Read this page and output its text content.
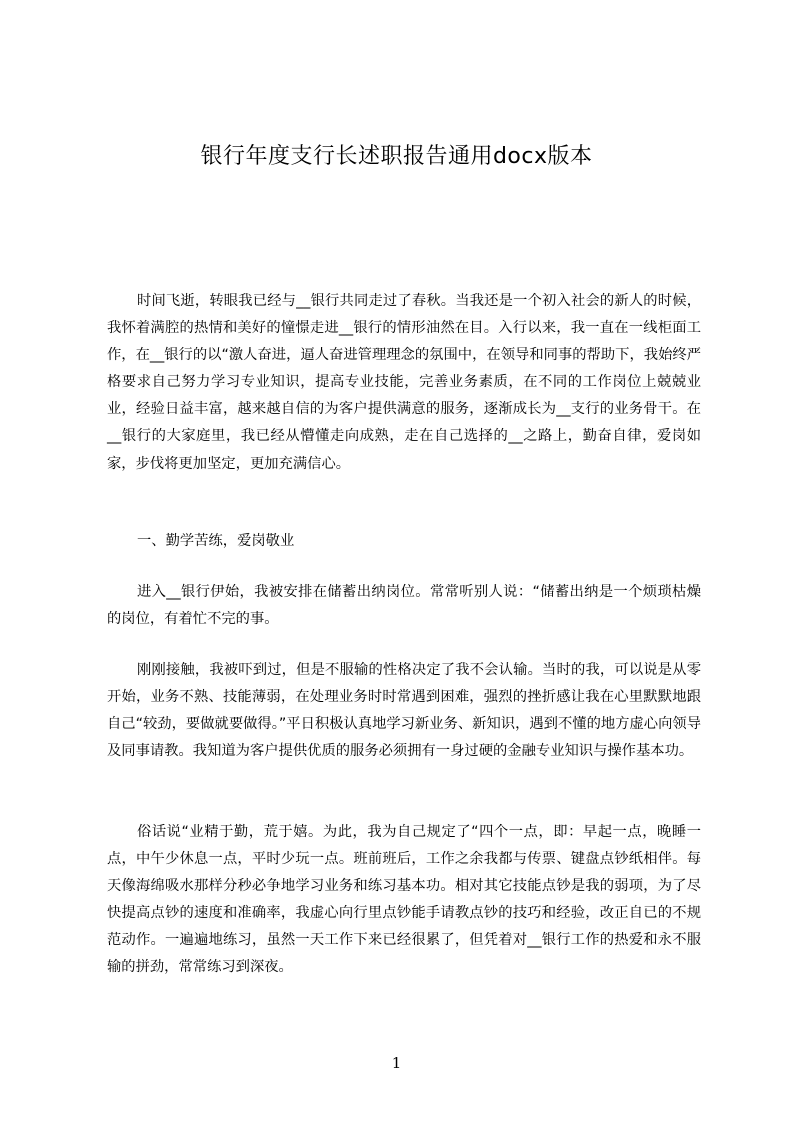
银行年度支行长述职报告通用docx版本

时间飞逝，转眼我已经与__银行共同走过了春秋。当我还是一个初入社会的新人的时候，我怀着满腔的热情和美好的憧憬走进__银行的情形油然在目。入行以来，我一直在一线柜面工作，在__银行的以“激人奋进，逼人奋进管理理念的氛围中，在领导和同事的帮助下，我始终严格要求自己努力学习专业知识，提高专业技能，完善业务素质，在不同的工作岗位上兢兢业业，经验日益丰富，越来越自信的为客户提供满意的服务，逐渐成长为__支行的业务骨干。在__银行的大家庭里，我已经从懵懂走向成熟，走在自己选择的__之路上，勤奋自律，爱岗如家，步伐将更加坚定，更加充满信心。

一、勤学苦练，爱岗敬业

进入__银行伊始，我被安排在储蓄出纳岗位。常常听别人说：“储蓄出纳是一个烦琐枯燥的岗位，有着忙不完的事。

刚刚接触，我被吓到过，但是不服输的性格决定了我不会认输。当时的我，可以说是从零开始，业务不熟、技能薄弱，在处理业务时时常遇到困难，强烈的挫折感让我在心里默默地跟自己“较劲，要做就要做得。”平日积极认真地学习新业务、新知识，遇到不懂的地方虚心向领导及同事请教。我知道为客户提供优质的服务必须拥有一身过硬的金融专业知识与操作基本功。

俗话说“业精于勤，荒于嬉。为此，我为自己规定了“四个一点，即：早起一点，晚睡一点，中午少休息一点，平时少玩一点。班前班后，工作之余我都与传票、键盘点钞纸相伴。每天像海绵吸水那样分秒必争地学习业务和练习基本功。相对其它技能点钞是我的弱项，为了尽快提高点钞的速度和准确率，我虚心向行里点钞能手请教点钞的技巧和经验，改正自已的不规范动作。一遍遍地练习，虽然一天工作下来已经很累了，但凭着对__银行工作的热爱和永不服输的拼劲，常常练习到深夜。

1
